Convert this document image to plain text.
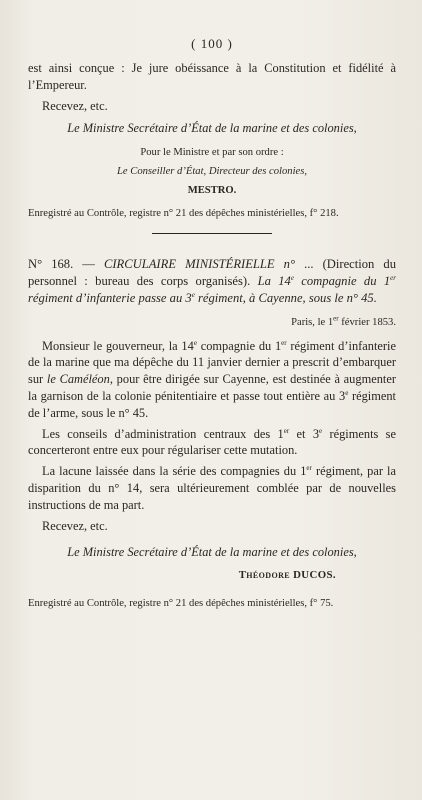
( 100 )

est ainsi conçue : Je jure obéissance à la Constitution et fidélité à l’Empereur.

Recevez, etc.

Le Ministre Secrétaire d’État de la marine et des colonies,

Pour le Ministre et par son ordre :

Le Conseiller d’État, Directeur des colonies,

MESTRO.

Enregistré au Contrôle, registre n° 21 des dépêches ministérielles, f° 218.

N° 168. — CIRCULAIRE MINISTÉRIELLE n° ... (Direction du personnel : bureau des corps organisés). La 14e compagnie du 1er régiment d’infanterie passe au 3e régiment, à Cayenne, sous le n° 45.

Paris, le 1er février 1853.

Monsieur le gouverneur, la 14e compagnie du 1er régiment d’infanterie de la marine que ma dépêche du 11 janvier dernier a prescrit d’embarquer sur le Caméléon, pour être dirigée sur Cayenne, est destinée à augmenter la garnison de la colonie pénitentiaire et passe tout entière au 3e régiment de l’arme, sous le n° 45.

Les conseils d’administration centraux des 1er et 3e régiments se concerteront entre eux pour régulariser cette mutation.

La lacune laissée dans la série des compagnies du 1er régiment, par la disparition du n° 14, sera ultérieurement comblée par de nouvelles instructions de ma part.

Recevez, etc.

Le Ministre Secrétaire d’État de la marine et des colonies,

Théodore DUCOS.

Enregistré au Contrôle, registre n° 21 des dépêches ministérielles, f° 75.
